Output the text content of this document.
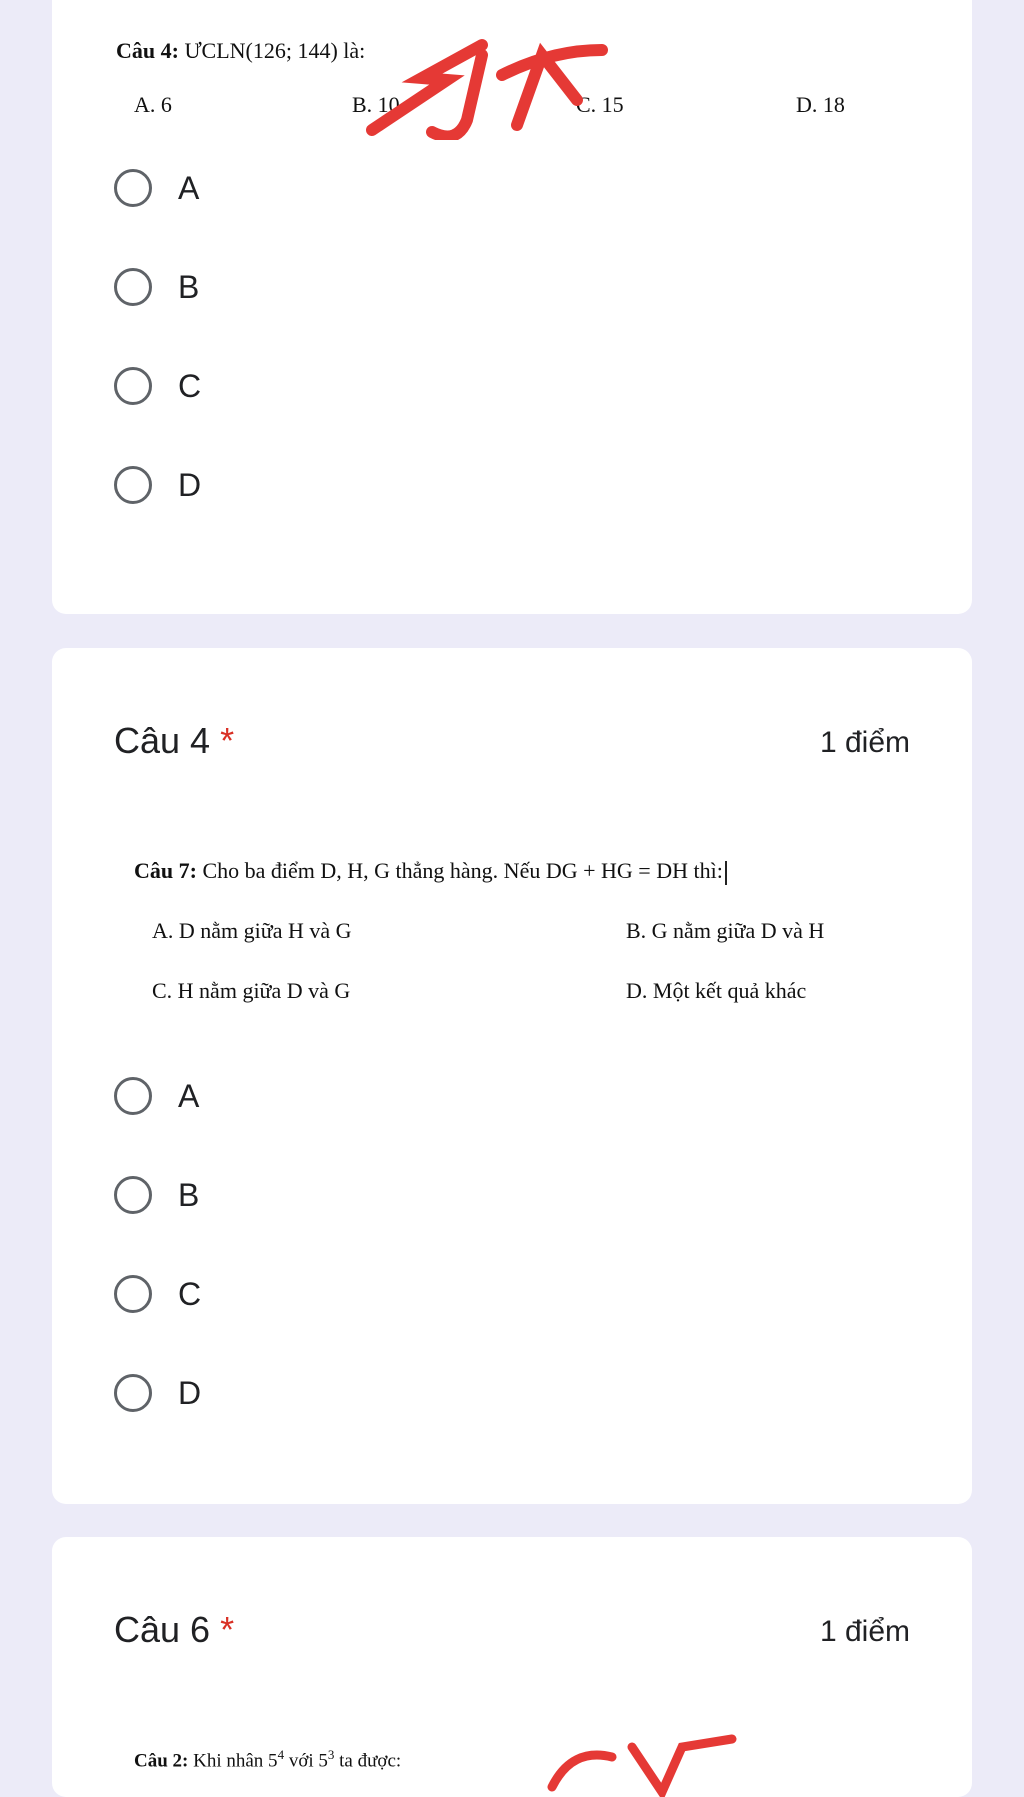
Câu 4: ƯCLN(126; 144) là:
A. 6	B. 10	C. 15	D. 18
A
B
C
D
Câu 4 *	1 điểm
Câu 7: Cho ba điểm D, H, G thẳng hàng. Nếu DG + HG = DH thì:
A. D nằm giữa H và G	B. G nằm giữa D và H
C. H nằm giữa D và G	D. Một kết quả khác
A
B
C
D
Câu 6 *	1 điểm
Câu 2: Khi nhân $5^4$ với $5^3$ ta được:
